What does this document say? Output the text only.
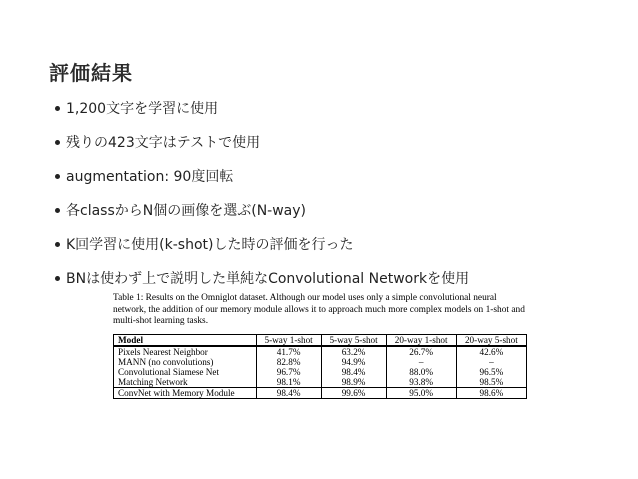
評価結果
1,200文字を学習に使用
残りの423文字はテストで使用
augmentation: 90度回転
各classからN個の画像を選ぶ(N-way)
K回学習に使用(k-shot)した時の評価を行った
BNは使わず上で説明した単純なConvolutional Networkを使用

Table 1: Results on the Omniglot dataset. Although our model uses only a simple convolutional neural network, the addition of our memory module allows it to approach much more complex models on 1-shot and multi-shot learning tasks.

Model	5-way 1-shot	5-way 5-shot	20-way 1-shot	20-way 5-shot
Pixels Nearest Neighbor	41.7%	63.2%	26.7%	42.6%
MANN (no convolutions)	82.8%	94.9%	–	–
Convolutional Siamese Net	96.7%	98.4%	88.0%	96.5%
Matching Network	98.1%	98.9%	93.8%	98.5%
ConvNet with Memory Module	98.4%	99.6%	95.0%	98.6%
